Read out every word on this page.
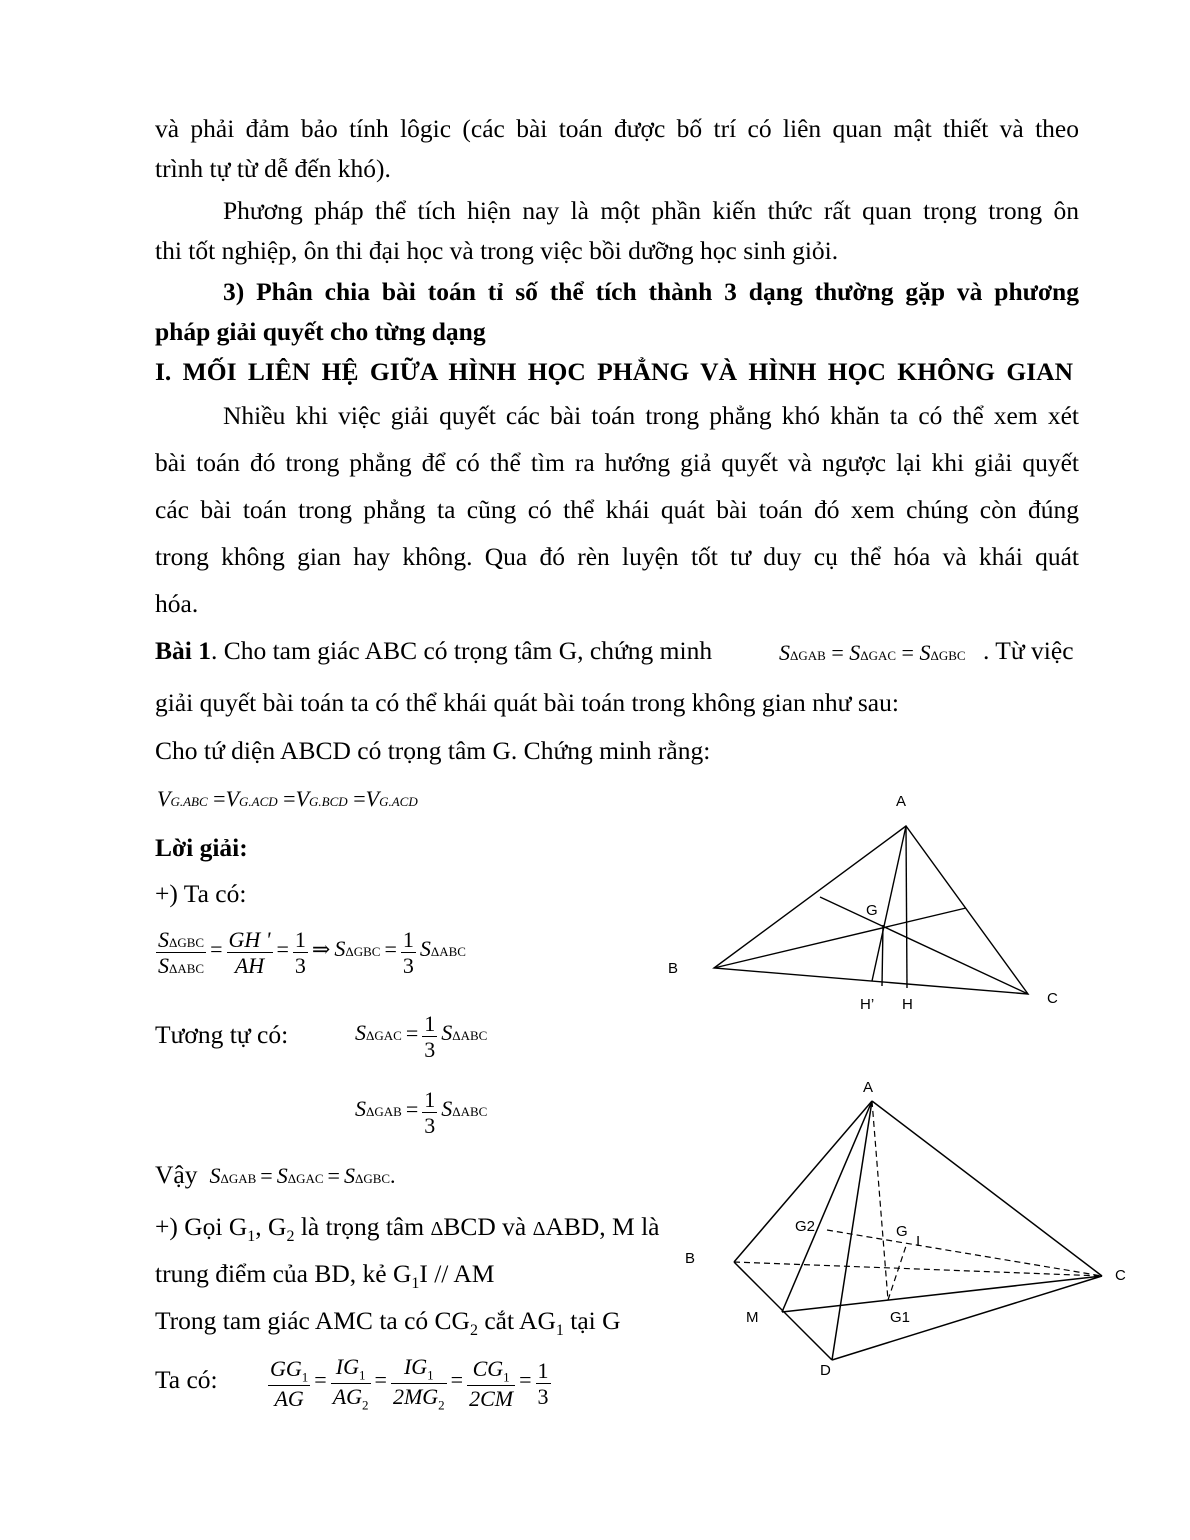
và phải đảm bảo tính lôgic (các bài toán được bố trí có liên quan mật thiết và theo
trình tự từ dễ đến khó).
Phương pháp thể tích hiện nay là một phần kiến thức rất quan trọng trong ôn
thi tốt nghiệp, ôn thi đại học và trong việc bồi dưỡng học sinh giỏi.
3) Phân chia bài toán tỉ số thể tích thành 3 dạng thường gặp và phương
pháp giải quyết cho từng dạng
I. MỐI LIÊN HỆ GIỮA HÌNH HỌC PHẲNG VÀ HÌNH HỌC KHÔNG GIAN
Nhiều khi việc giải quyết các bài toán trong phẳng khó khăn ta có thể xem xét
bài toán đó trong phẳng để có thể tìm ra hướng giả quyết và ngược lại khi giải quyết
các bài toán trong phẳng ta cũng có thể khái quát bài toán đó xem chúng còn đúng
trong không gian hay không. Qua đó rèn luyện tốt tư duy cụ thể hóa và khái quát
hóa.
Bài 1. Cho tam giác ABC có trọng tâm G, chứng minh	SΔGAB = SΔGAC = SΔGBC . Từ việc
giải quyết bài toán ta có thể khái quát bài toán trong không gian như sau:
Cho tứ diện ABCD có trọng tâm G. Chứng minh rằng:
VG.ABC =VG.ACD =VG.BCD =VG.ACD
Lời giải:
+) Ta có:
$\frac{\text{SΔGBC}}{\text{SΔABC}} = \frac{GH '}{AH} = \frac{1}{3}$ ⇒ $S\Delta GBC = \frac{1}{3}$ SΔABC
Tương tự có:	$S\Delta GAC = \frac{1}{3}$ SΔABC
$S\Delta GAB = \frac{1}{3}$ SΔABC
Vậy SΔGAB = SΔGAC = SΔGBC.
+) Gọi $G_1$, $G_2$ là trọng tâm ΔBCD và ΔABD, M là
trung điểm của BD, kẻ $G_1I$ // AM
Trong tam giác AMC ta có $CG_2$ cắt $AG_1$ tại G
Ta có: $\frac{GG_1}{AG} = \frac{IG_1}{AG_2} = \frac{IG_1}{2MG_2} = \frac{CG_1}{2CM} = \frac{1}{3}$
A
B
C
G
H’ H
A
B
C
D
M
G
G1
G2
I
